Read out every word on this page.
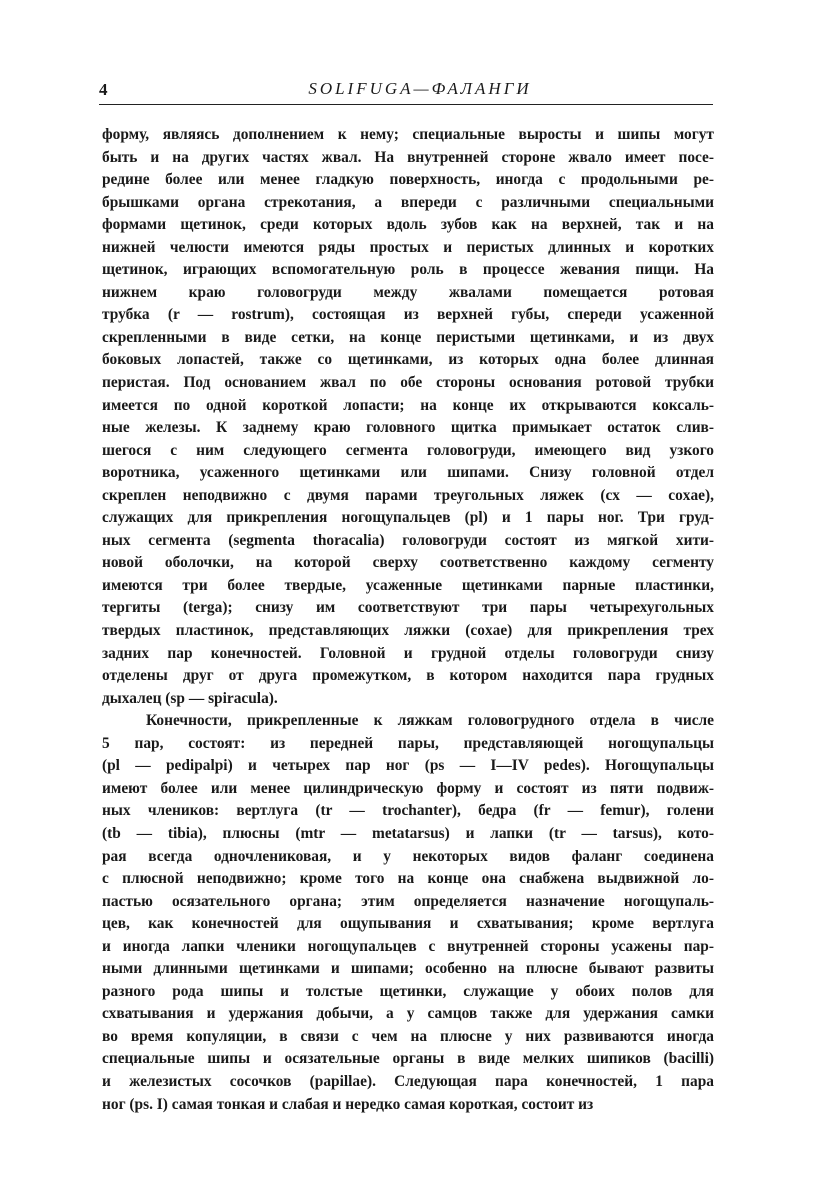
4	SOLIFUGA—ФАЛАНГИ
форму, являясь дополнением к нему; специальные выросты и шипы могут
быть и на других частях жвал. На внутренней стороне жвало имеет посе-
редине более или менее гладкую поверхность, иногда с продольными ре-
брышками органа стрекотания, а впереди с различными специальными
формами щетинок, среди которых вдоль зубов как на верхней, так и на
нижней челюсти имеются ряды простых и перистых длинных и коротких
щетинок, играющих вспомогательную роль в процессе жевания пищи. На
нижнем краю головогруди между жвалами помещается ротовая
трубка (r — rostrum), состоящая из верхней губы, спереди усаженной
скрепленными в виде сетки, на конце перистыми щетинками, и из двух
боковых лопастей, также со щетинками, из которых одна более длинная
перистая. Под основанием жвал по обе стороны основания ротовой трубки
имеется по одной короткой лопасти; на конце их открываются коксаль-
ные железы. К заднему краю головного щитка примыкает остаток слив-
шегося с ним следующего сегмента головогруди, имеющего вид узкого
воротника, усаженного щетинками или шипами. Снизу головной отдел
скреплен неподвижно с двумя парами треугольных ляжек (cx — coxae),
служащих для прикрепления ногощупальцев (pl) и 1 пары ног. Три груд-
ных сегмента (segmenta thoracalia) головогруди состоят из мягкой хити-
новой оболочки, на которой сверху соответственно каждому сегменту
имеются три более твердые, усаженные щетинками парные пластинки,
тергиты (terga); снизу им соответствуют три пары четырехугольных
твердых пластинок, представляющих ляжки (coxae) для прикрепления трех
задних пар конечностей. Головной и грудной отделы головогруди снизу
отделены друг от друга промежутком, в котором находится пара грудных
дыхалец (sp — spiracula).
Конечности, прикрепленные к ляжкам головогрудного отдела в числе
5 пар, состоят: из передней пары, представляющей ногощупальцы
(pl — pedipalpi) и четырех пар ног (ps — I—IV pedes). Ногощупальцы
имеют более или менее цилиндрическую форму и состоят из пяти подвиж-
ных члеников: вертлуга (tr — trochanter), бедра (fr — femur), голени
(tb — tibia), плюсны (mtr — metatarsus) и лапки (tr — tarsus), кото-
рая всегда одночлениковая, и у некоторых видов фаланг соединена
с плюсной неподвижно; кроме того на конце она снабжена выдвижной ло-
пастью осязательного органа; этим определяется назначение ногощупаль-
цев, как конечностей для ощупывания и схватывания; кроме вертлуга
и иногда лапки членики ногощупальцев с внутренней стороны усажены пар-
ными длинными щетинками и шипами; особенно на плюсне бывают развиты
разного рода шипы и толстые щетинки, служащие у обоих полов для
схватывания и удержания добычи, а у самцов также для удержания самки
во время копуляции, в связи с чем на плюсне у них развиваются иногда
специальные шипы и осязательные органы в виде мелких шипиков (bacilli)
и железистых сосочков (papillae). Следующая пара конечностей, 1 пара
ног (ps. I) самая тонкая и слабая и нередко самая короткая, состоит из
